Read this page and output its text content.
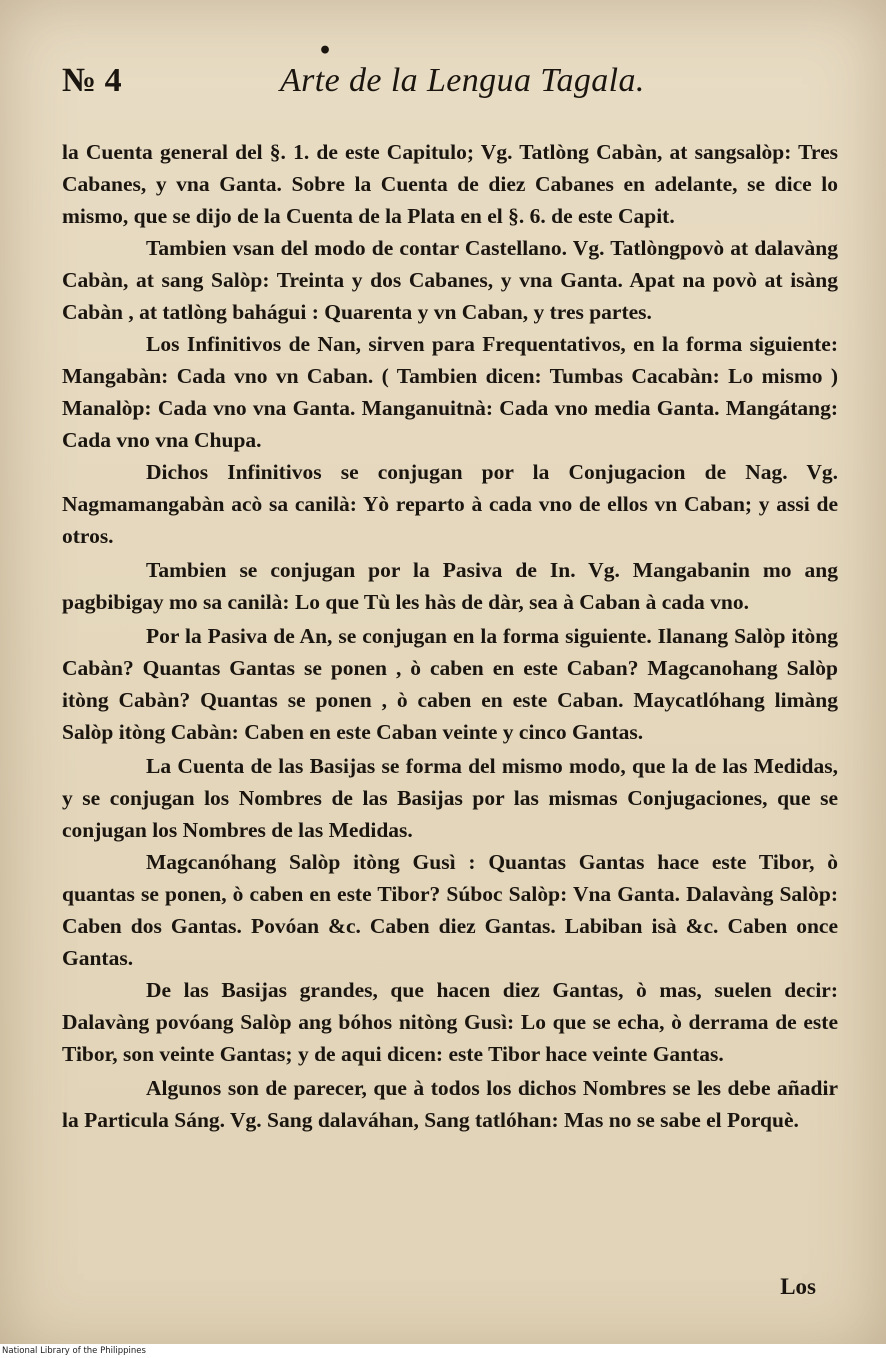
•
№ 4	Arte de la Lengua Tagala.

la Cuenta general del §. 1. de este Capitulo; Vg. Tatlòng Cabàn, at sangsalòp: Tres Cabanes, y vna Ganta. Sobre la Cuenta de diez Cabanes en adelante, se dice lo mismo, que se dijo de la Cuenta de la Plata en el §. 6. de este Capit.

Tambien vsan del modo de contar Castellano. Vg. Tatlòngpovò at dalavàng Cabàn, at sang Salòp: Treinta y dos Cabanes, y vna Ganta. Apat na povò at isàng Cabàn , at tatlòng bahágui : Quarenta y vn Caban, y tres partes.

Los Infinitivos de Nan, sirven para Frequentativos, en la forma siguiente: Mangabàn: Cada vno vn Caban. ( Tambien dicen: Tumbas Cacabàn: Lo mismo ) Manalòp: Cada vno vna Ganta. Manganuitnà: Cada vno media Ganta. Mangátang: Cada vno vna Chupa.

Dichos Infinitivos se conjugan por la Conjugacion de Nag. Vg. Nagmamangabàn acò sa canilà: Yò reparto à cada vno de ellos vn Caban; y assi de otros.

Tambien se conjugan por la Pasiva de In. Vg. Mangabanin mo ang pagbibigay mo sa canilà: Lo que Tù les hàs de dàr, sea à Caban à cada vno.

Por la Pasiva de An, se conjugan en la forma siguiente. Ilanang Salòp itòng Cabàn? Quantas Gantas se ponen , ò caben en este Caban? Magcanohang Salòp itòng Cabàn? Quantas se ponen , ò caben en este Caban. Maycatlóhang limàng Salòp itòng Cabàn: Caben en este Caban veinte y cinco Gantas.

La Cuenta de las Basijas se forma del mismo modo, que la de las Medidas, y se conjugan los Nombres de las Basijas por las mismas Conjugaciones, que se conjugan los Nombres de las Medidas.

Magcanóhang Salòp itòng Gusì : Quantas Gantas hace este Tibor, ò quantas se ponen, ò caben en este Tibor? Súboc Salòp: Vna Ganta. Dalavàng Salòp: Caben dos Gantas. Povóan &c. Caben diez Gantas. Labiban isà &c. Caben once Gantas.

De las Basijas grandes, que hacen diez Gantas, ò mas, suelen decir: Dalavàng povóang Salòp ang bóhos nitòng Gusì: Lo que se echa, ò derrama de este Tibor, son veinte Gantas; y de aqui dicen: este Tibor hace veinte Gantas.

Algunos son de parecer, que à todos los dichos Nombres se les debe añadir la Particula Sáng. Vg. Sang dalaváhan, Sang tatlóhan: Mas no se sabe el Porquè.

Los
National Library of the Philippines
